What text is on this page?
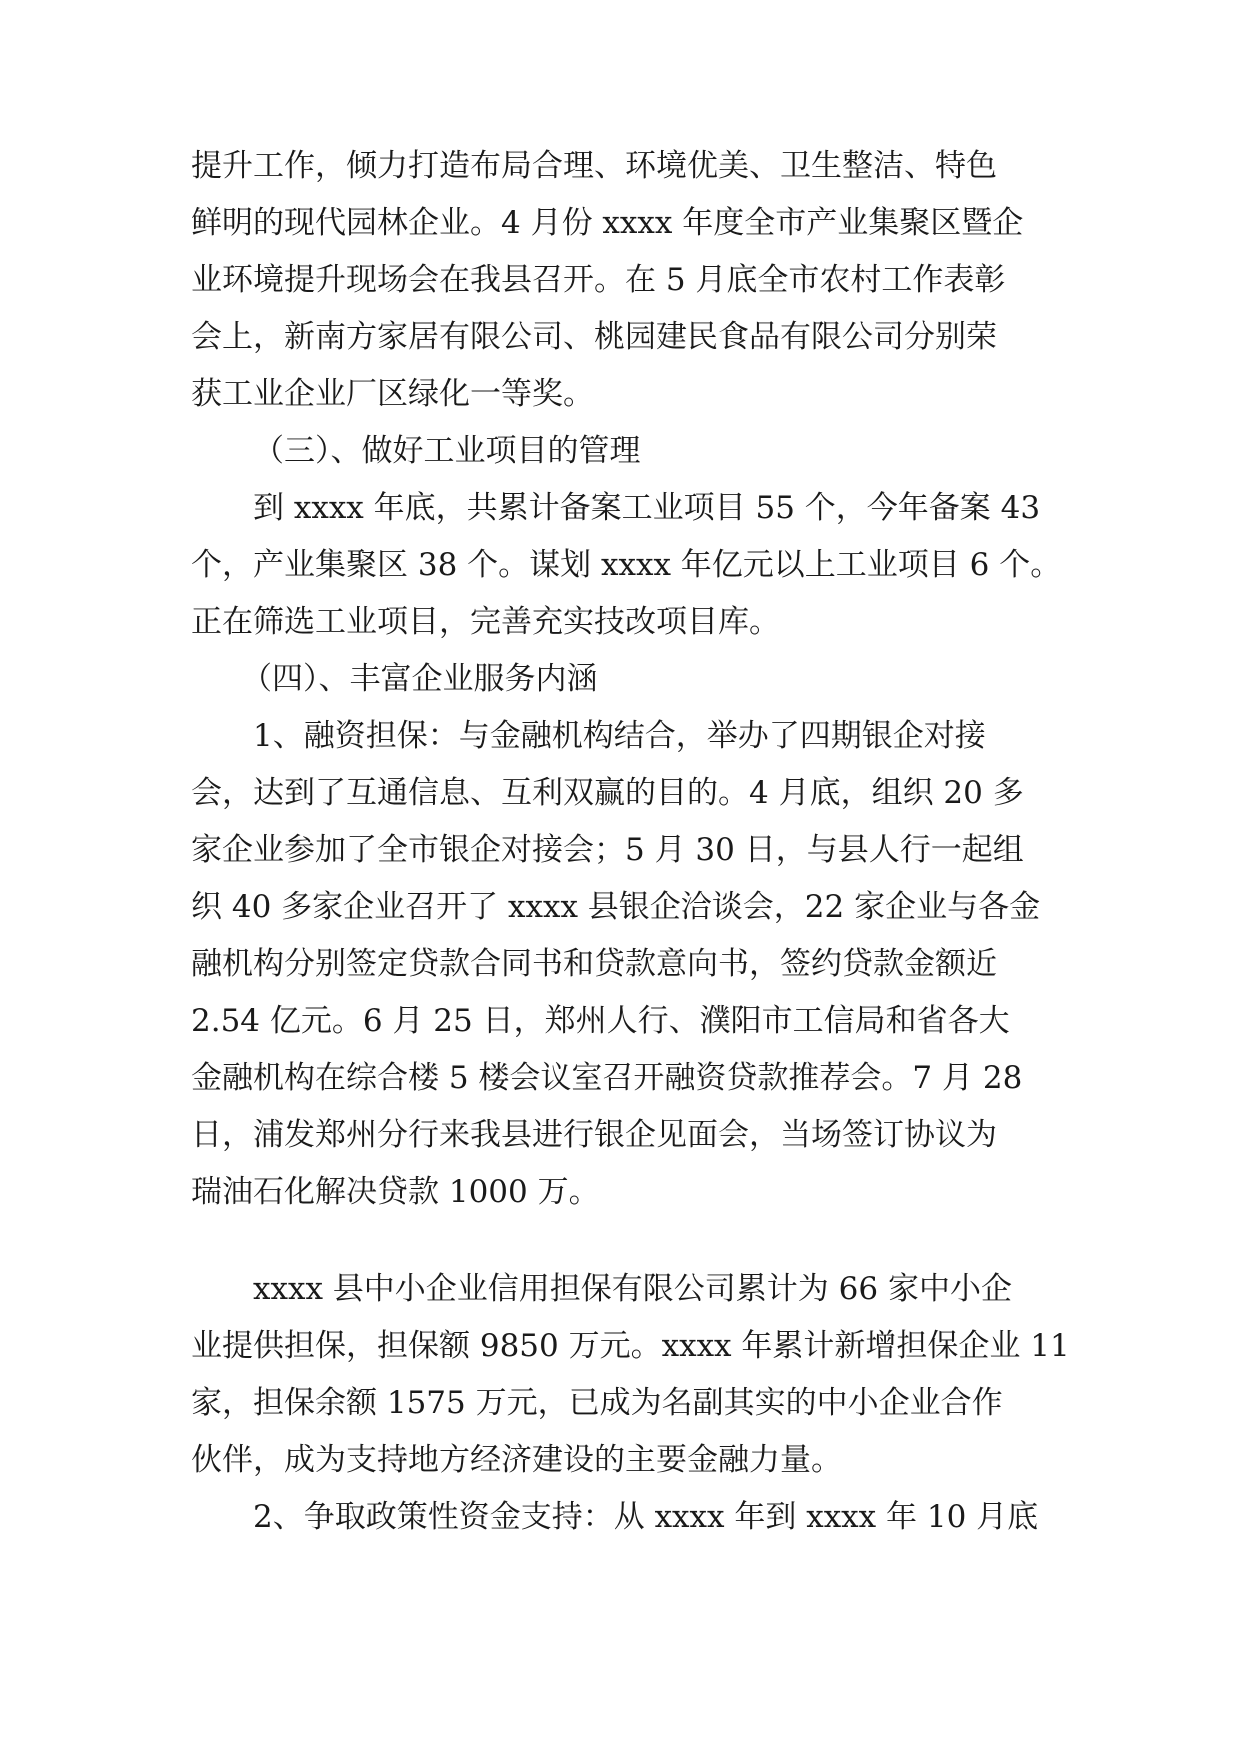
提升工作，倾力打造布局合理、环境优美、卫生整洁、特色
鲜明的现代园林企业。4 月份 xxxx 年度全市产业集聚区暨企
业环境提升现场会在我县召开。在 5 月底全市农村工作表彰
会上，新南方家居有限公司、桃园建民食品有限公司分别荣
获工业企业厂区绿化一等奖。
（三）、做好工业项目的管理
到 xxxx 年底，共累计备案工业项目 55 个，今年备案 43
个，产业集聚区 38 个。谋划 xxxx 年亿元以上工业项目 6 个。
正在筛选工业项目，完善充实技改项目库。
（四）、丰富企业服务内涵
1、融资担保：与金融机构结合，举办了四期银企对接
会，达到了互通信息、互利双赢的目的。4 月底，组织 20 多
家企业参加了全市银企对接会；5 月 30 日，与县人行一起组
织 40 多家企业召开了 xxxx 县银企洽谈会，22 家企业与各金
融机构分别签定贷款合同书和贷款意向书，签约贷款金额近
2.54 亿元。6 月 25 日，郑州人行、濮阳市工信局和省各大
金融机构在综合楼 5 楼会议室召开融资贷款推荐会。7 月 28
日，浦发郑州分行来我县进行银企见面会，当场签订协议为
瑞油石化解决贷款 1000 万。
xxxx 县中小企业信用担保有限公司累计为 66 家中小企
业提供担保，担保额 9850 万元。xxxx 年累计新增担保企业 11
家，担保余额 1575 万元，已成为名副其实的中小企业合作
伙伴，成为支持地方经济建设的主要金融力量。
2、争取政策性资金支持：从 xxxx 年到 xxxx 年 10 月底
